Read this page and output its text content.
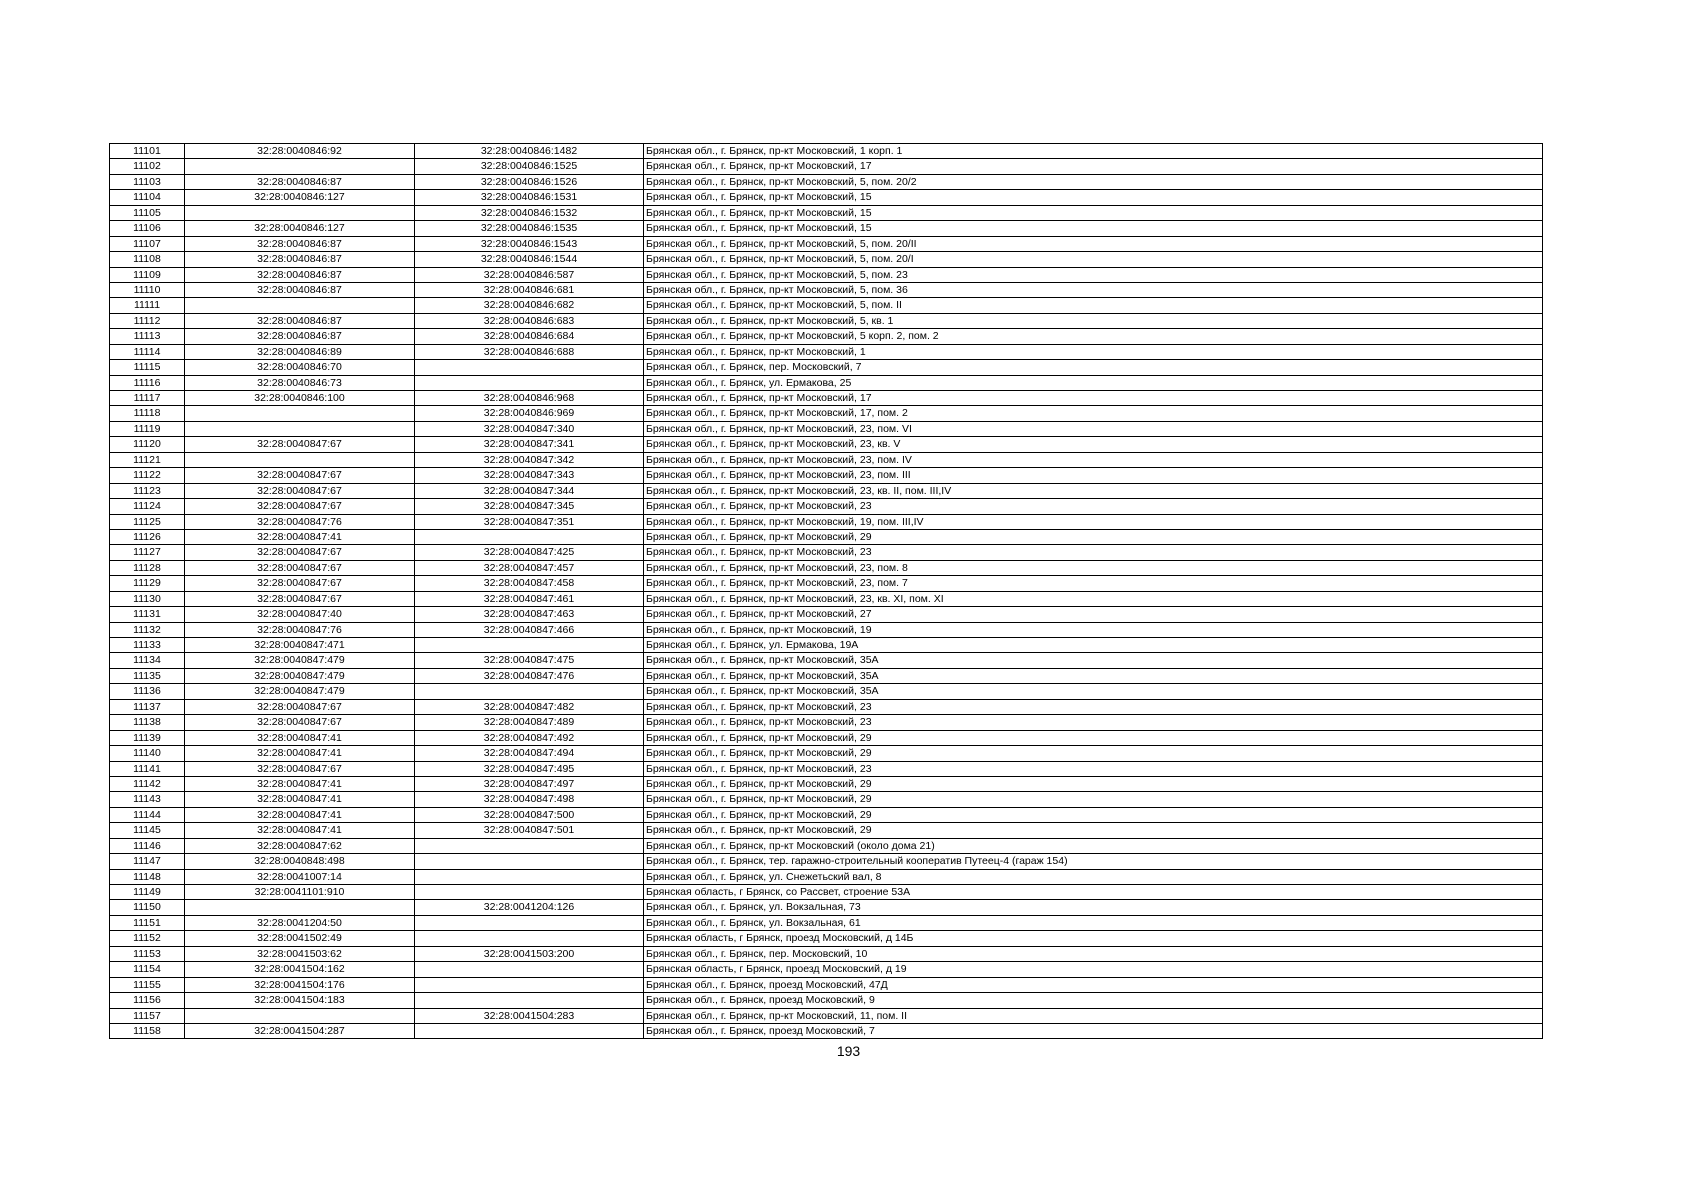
11101	32:28:0040846:92	32:28:0040846:1482	Брянская обл., г. Брянск, пр-кт Московский, 1 корп. 1
11102		32:28:0040846:1525	Брянская обл., г. Брянск, пр-кт Московский, 17
11103	32:28:0040846:87	32:28:0040846:1526	Брянская обл., г. Брянск, пр-кт Московский, 5, пом. 20/2
11104	32:28:0040846:127	32:28:0040846:1531	Брянская обл., г. Брянск, пр-кт Московский, 15
11105		32:28:0040846:1532	Брянская обл., г. Брянск, пр-кт Московский, 15
11106	32:28:0040846:127	32:28:0040846:1535	Брянская обл., г. Брянск, пр-кт Московский, 15
11107	32:28:0040846:87	32:28:0040846:1543	Брянская обл., г. Брянск, пр-кт Московский, 5, пом. 20/II
11108	32:28:0040846:87	32:28:0040846:1544	Брянская обл., г. Брянск, пр-кт Московский, 5, пом. 20/I
11109	32:28:0040846:87	32:28:0040846:587	Брянская обл., г. Брянск, пр-кт Московский, 5, пом. 23
11110	32:28:0040846:87	32:28:0040846:681	Брянская обл., г. Брянск, пр-кт Московский, 5, пом. 36
11111		32:28:0040846:682	Брянская обл., г. Брянск, пр-кт Московский, 5, пом. II
11112	32:28:0040846:87	32:28:0040846:683	Брянская обл., г. Брянск, пр-кт Московский, 5, кв. 1
11113	32:28:0040846:87	32:28:0040846:684	Брянская обл., г. Брянск, пр-кт Московский, 5 корп. 2, пом. 2
11114	32:28:0040846:89	32:28:0040846:688	Брянская обл., г. Брянск, пр-кт Московский, 1
11115	32:28:0040846:70		Брянская обл., г. Брянск, пер. Московский, 7
11116	32:28:0040846:73		Брянская обл., г. Брянск, ул. Ермакова, 25
11117	32:28:0040846:100	32:28:0040846:968	Брянская обл., г. Брянск, пр-кт Московский, 17
11118		32:28:0040846:969	Брянская обл., г. Брянск, пр-кт Московский, 17, пом. 2
11119		32:28:0040847:340	Брянская обл., г. Брянск, пр-кт Московский, 23, пом. VI
11120	32:28:0040847:67	32:28:0040847:341	Брянская обл., г. Брянск, пр-кт Московский, 23, кв. V
11121		32:28:0040847:342	Брянская обл., г. Брянск, пр-кт Московский, 23, пом. IV
11122	32:28:0040847:67	32:28:0040847:343	Брянская обл., г. Брянск, пр-кт Московский, 23, пом. III
11123	32:28:0040847:67	32:28:0040847:344	Брянская обл., г. Брянск, пр-кт Московский, 23, кв. II, пом. III,IV
11124	32:28:0040847:67	32:28:0040847:345	Брянская обл., г. Брянск, пр-кт Московский, 23
11125	32:28:0040847:76	32:28:0040847:351	Брянская обл., г. Брянск, пр-кт Московский, 19, пом. III,IV
11126	32:28:0040847:41		Брянская обл., г. Брянск, пр-кт Московский, 29
11127	32:28:0040847:67	32:28:0040847:425	Брянская обл., г. Брянск, пр-кт Московский, 23
11128	32:28:0040847:67	32:28:0040847:457	Брянская обл., г. Брянск, пр-кт Московский, 23, пом. 8
11129	32:28:0040847:67	32:28:0040847:458	Брянская обл., г. Брянск, пр-кт Московский, 23, пом. 7
11130	32:28:0040847:67	32:28:0040847:461	Брянская обл., г. Брянск, пр-кт Московский, 23, кв. XI, пом. XI
11131	32:28:0040847:40	32:28:0040847:463	Брянская обл., г. Брянск, пр-кт Московский, 27
11132	32:28:0040847:76	32:28:0040847:466	Брянская обл., г. Брянск, пр-кт Московский, 19
11133	32:28:0040847:471		Брянская обл., г. Брянск, ул. Ермакова, 19А
11134	32:28:0040847:479	32:28:0040847:475	Брянская обл., г. Брянск, пр-кт Московский, 35А
11135	32:28:0040847:479	32:28:0040847:476	Брянская обл., г. Брянск, пр-кт Московский, 35А
11136	32:28:0040847:479		Брянская обл., г. Брянск, пр-кт Московский, 35А
11137	32:28:0040847:67	32:28:0040847:482	Брянская обл., г. Брянск, пр-кт Московский, 23
11138	32:28:0040847:67	32:28:0040847:489	Брянская обл., г. Брянск, пр-кт Московский, 23
11139	32:28:0040847:41	32:28:0040847:492	Брянская обл., г. Брянск, пр-кт Московский, 29
11140	32:28:0040847:41	32:28:0040847:494	Брянская обл., г. Брянск, пр-кт Московский, 29
11141	32:28:0040847:67	32:28:0040847:495	Брянская обл., г. Брянск, пр-кт Московский, 23
11142	32:28:0040847:41	32:28:0040847:497	Брянская обл., г. Брянск, пр-кт Московский, 29
11143	32:28:0040847:41	32:28:0040847:498	Брянская обл., г. Брянск, пр-кт Московский, 29
11144	32:28:0040847:41	32:28:0040847:500	Брянская обл., г. Брянск, пр-кт Московский, 29
11145	32:28:0040847:41	32:28:0040847:501	Брянская обл., г. Брянск, пр-кт Московский, 29
11146	32:28:0040847:62		Брянская обл., г. Брянск, пр-кт Московский (около дома 21)
11147	32:28:0040848:498		Брянская обл., г. Брянск, тер. гаражно-строительный кооператив Путеец-4 (гараж 154)
11148	32:28:0041007:14		Брянская обл., г. Брянск, ул. Снежетьский вал, 8
11149	32:28:0041101:910		Брянская область, г Брянск, со Рассвет, строение 53А
11150		32:28:0041204:126	Брянская обл., г. Брянск, ул. Вокзальная, 73
11151	32:28:0041204:50		Брянская обл., г. Брянск, ул. Вокзальная, 61
11152	32:28:0041502:49		Брянская область, г Брянск, проезд Московский, д 14Б
11153	32:28:0041503:62	32:28:0041503:200	Брянская обл., г. Брянск, пер. Московский, 10
11154	32:28:0041504:162		Брянская область, г Брянск, проезд Московский, д 19
11155	32:28:0041504:176		Брянская обл., г. Брянск, проезд Московский, 47Д
11156	32:28:0041504:183		Брянская обл., г. Брянск, проезд Московский, 9
11157		32:28:0041504:283	Брянская обл., г. Брянск, пр-кт Московский, 11, пом. II
11158	32:28:0041504:287		Брянская обл., г. Брянск, проезд Московский, 7
193
